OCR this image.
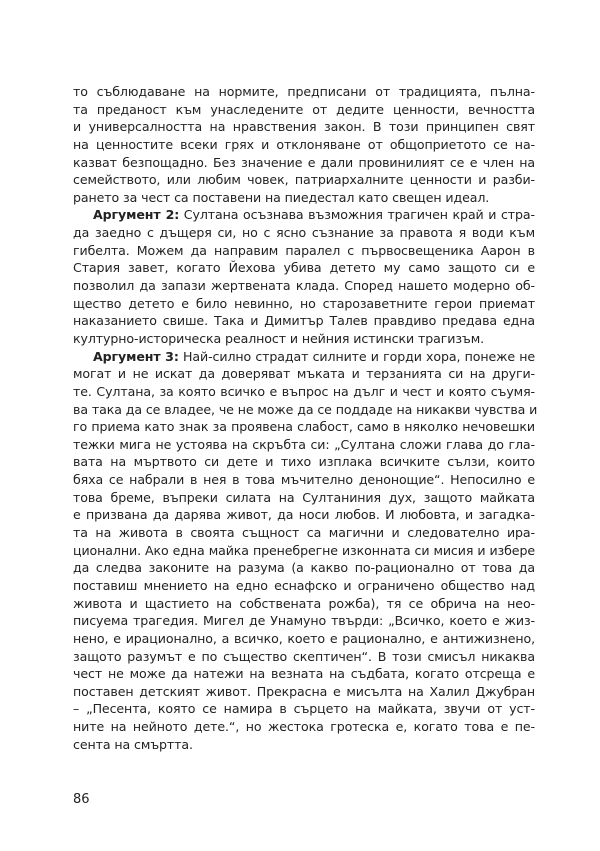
то съблюдаване на нормите, предписани от традицията, пълна-
та преданост към унаследените от дедите ценности, вечността
и универсалността на нравствения закон. В този принципен свят
на ценностите всеки грях и отклоняване от общоприетото се на-
казват безпощадно. Без значение е дали провинилият се е член на
семейството, или любим човек, патриархалните ценности и разби-
рането за чест са поставени на пиедестал като свещен идеал.
Аргумент 2: Султана осъзнава възможния трагичен край и стра-
да заедно с дъщеря си, но с ясно съзнание за правота я води към
гибелта. Можем да направим паралел с първосвещеника Аарон в
Стария завет, когато Йехова убива детето му само защото си е
позволил да запази жертвената клада. Според нашето модерно об-
щество детето е било невинно, но старозаветните герои приемат
наказанието свише. Така и Димитър Талев правдиво предава една
културно-историческа реалност и нейния истински трагизъм.
Аргумент 3: Най-силно страдат силните и горди хора, понеже не
могат и не искат да доверяват мъката и терзанията си на други-
те. Султана, за която всичко е въпрос на дълг и чест и която съумя-
ва така да се владее, че не може да се поддаде на никакви чувства и
го приема като знак за проявена слабост, само в няколко нечовешки
тежки мига не устоява на скръбта си: „Султана сложи глава до гла-
вата на мъртвото си дете и тихо изплака всичките сълзи, които
бяха се набрали в нея в това мъчително денонощие“. Непосилно е
това бреме, въпреки силата на Султаниния дух, защото майката
е призвана да дарява живот, да носи любов. И любовта, и загадка-
та на живота в своята същност са магични и следователно ира-
ционални. Ако една майка пренебрегне изконната си мисия и избере
да следва законите на разума (а какво по-рационално от това да
поставиш мнението на едно еснафско и ограничено общество над
живота и щастието на собствената рожба), тя се обрича на нео-
писуема трагедия. Мигел де Унамуно твърди: „Всичко, което е жиз-
нено, е ирационално, а всичко, което е рационално, е антижизнено,
защото разумът е по същество скептичен“. В този смисъл никаква
чест не може да натежи на везната на съдбата, когато отсреща е
поставен детският живот. Прекрасна е мисълта на Халил Джубран
– „Песента, която се намира в сърцето на майката, звучи от уст-
ните на нейното дете.“, но жестока гротеска е, когато това е пе-
сента на смъртта.
86
